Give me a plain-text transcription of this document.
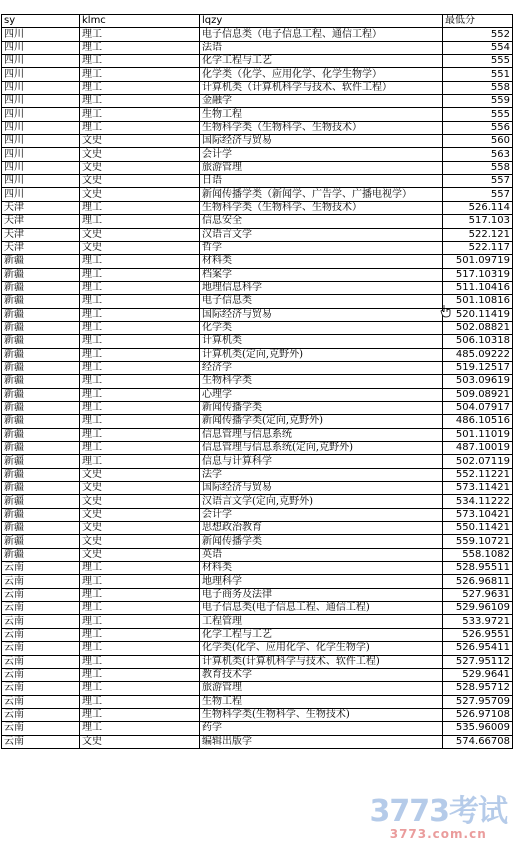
sy	klmc	lqzy	最低分
四川	理工	电子信息类（电子信息工程、通信工程）	552
四川	理工	法语	554
四川	理工	化学工程与工艺	555
四川	理工	化学类（化学、应用化学、化学生物学）	551
四川	理工	计算机类（计算机科学与技术、软件工程）	558
四川	理工	金融学	559
四川	理工	生物工程	555
四川	理工	生物科学类（生物科学、生物技术）	556
四川	文史	国际经济与贸易	560
四川	文史	会计学	563
四川	文史	旅游管理	558
四川	文史	日语	557
四川	文史	新闻传播学类（新闻学、广告学、广播电视学）	557
天津	理工	生物科学类（生物科学、生物技术）	526.114
天津	理工	信息安全	517.103
天津	文史	汉语言文学	522.121
天津	文史	哲学	522.117
新疆	理工	材料类	501.09719
新疆	理工	档案学	517.10319
新疆	理工	地理信息科学	511.10416
新疆	理工	电子信息类	501.10816
新疆	理工	国际经济与贸易	520.11419
新疆	理工	化学类	502.08821
新疆	理工	计算机类	506.10318
新疆	理工	计算机类(定向,克野外)	485.09222
新疆	理工	经济学	519.12517
新疆	理工	生物科学类	503.09619
新疆	理工	心理学	509.08921
新疆	理工	新闻传播学类	504.07917
新疆	理工	新闻传播学类(定向,克野外)	486.10516
新疆	理工	信息管理与信息系统	501.11019
新疆	理工	信息管理与信息系统(定向,克野外)	487.10019
新疆	理工	信息与计算科学	502.07119
新疆	文史	法学	552.11221
新疆	文史	国际经济与贸易	573.11421
新疆	文史	汉语言文学(定向,克野外)	534.11222
新疆	文史	会计学	573.10421
新疆	文史	思想政治教育	550.11421
新疆	文史	新闻传播学类	559.10721
新疆	文史	英语	558.1082
云南	理工	材料类	528.95511
云南	理工	地理科学	526.96811
云南	理工	电子商务及法律	527.9631
云南	理工	电子信息类(电子信息工程、通信工程)	529.96109
云南	理工	工程管理	533.9721
云南	理工	化学工程与工艺	526.9551
云南	理工	化学类(化学、应用化学、化学生物学)	526.95411
云南	理工	计算机类(计算机科学与技术、软件工程)	527.95112
云南	理工	教育技术学	529.9641
云南	理工	旅游管理	528.95712
云南	理工	生物工程	527.95709
云南	理工	生物科学类(生物科学、生物技术)	526.97108
云南	理工	药学	535.96009
云南	文史	编辑出版学	574.66708
3773考试
3773.com.cn
